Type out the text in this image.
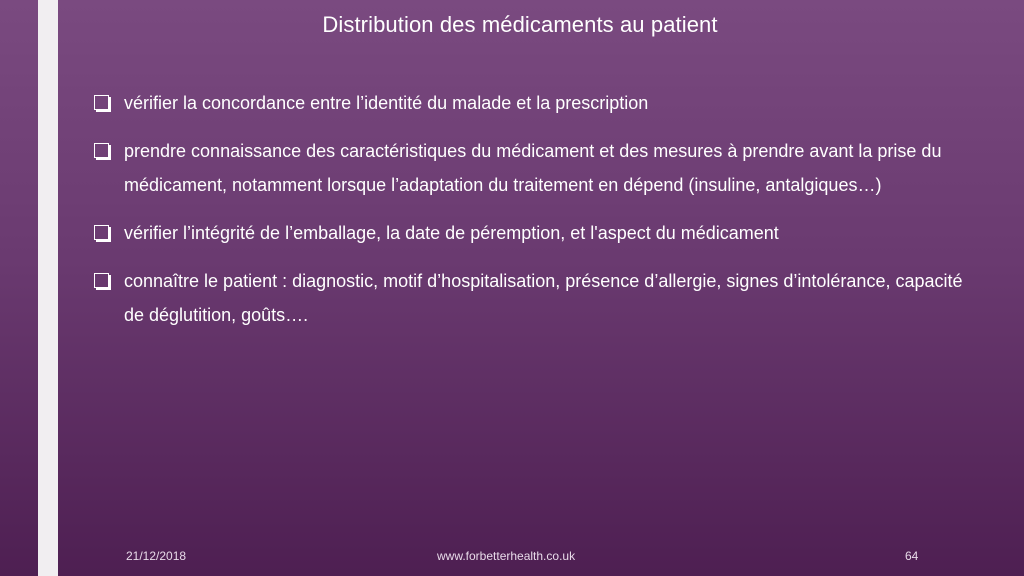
Distribution des médicaments au patient
vérifier la concordance entre l’identité du malade et la prescription
prendre connaissance des caractéristiques du médicament et des mesures à prendre avant la prise du médicament, notamment lorsque l’adaptation du traitement en dépend (insuline, antalgiques…)
vérifier l’intégrité de l’emballage, la date de péremption, et l'aspect du médicament
connaître le patient : diagnostic, motif d’hospitalisation, présence d’allergie, signes d’intolérance, capacité de déglutition, goûts….
21/12/2018	www.forbetterhealth.co.uk	64
